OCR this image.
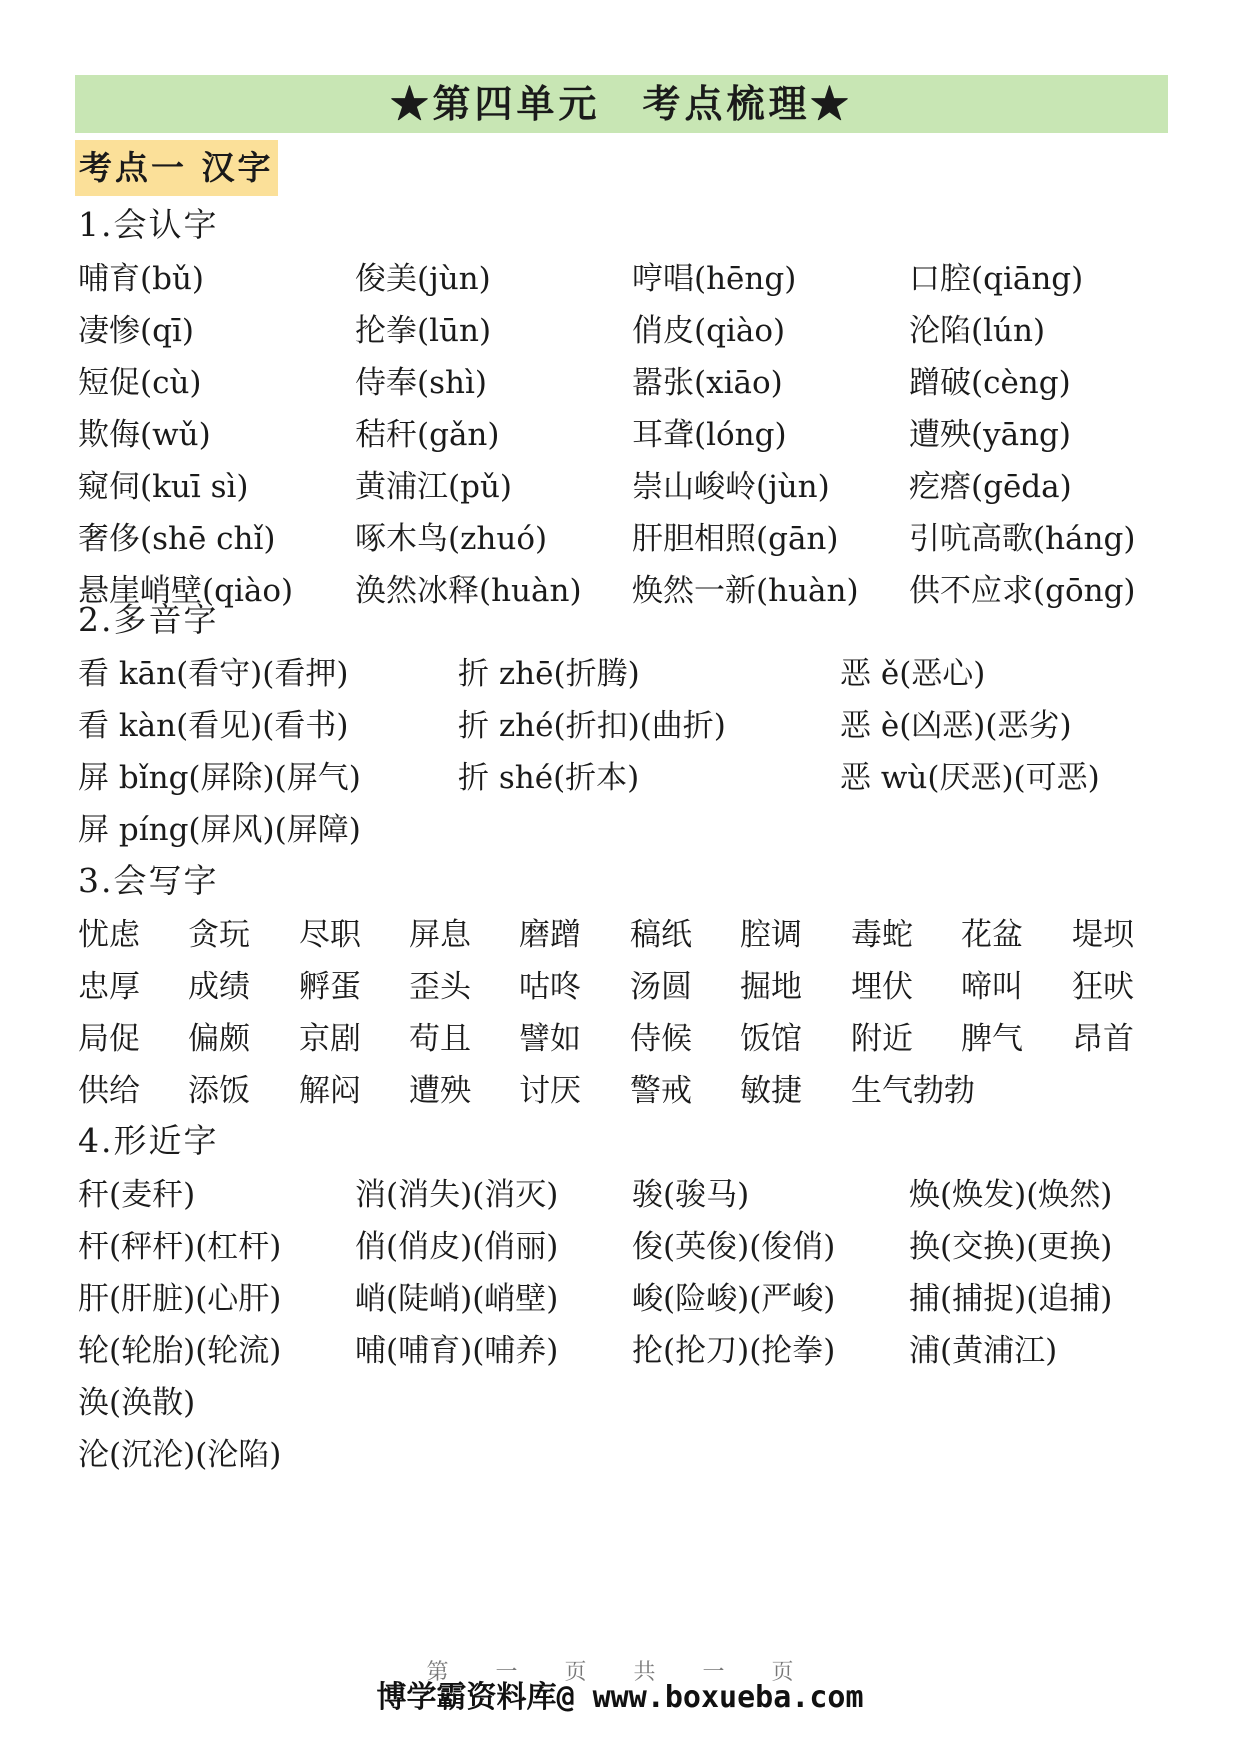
★第四单元　考点梳理★
考点一 汉字
1.会认字
哺育(bǔ)	俊美(jùn)	哼唱(hēng)	口腔(qiāng)
凄惨(qī)	抡拳(lūn)	俏皮(qiào)	沦陷(lún)
短促(cù)	侍奉(shì)	嚣张(xiāo)	蹭破(cèng)
欺侮(wǔ)	秸秆(gǎn)	耳聋(lóng)	遭殃(yāng)
窥伺(kuī sì)	黄浦江(pǔ)	崇山峻岭(jùn)	疙瘩(gēda)
奢侈(shē chǐ)	啄木鸟(zhuó)	肝胆相照(gān) 引吭高歌(háng)
悬崖峭壁(qiào) 涣然冰释(huàn) 焕然一新(huàn) 供不应求(gōng)
2.多音字
看 kān(看守)(看押)	折 zhē(折腾)	恶 ě(恶心)
看 kàn(看见)(看书)	折 zhé(折扣)(曲折)	恶 è(凶恶)(恶劣)
屏 bǐng(屏除)(屏气)	折 shé(折本)	恶 wù(厌恶)(可恶)
屏 píng(屏风)(屏障)
3.会写字
忧虑 贪玩 尽职 屏息 磨蹭 稿纸 腔调 毒蛇 花盆 堤坝
忠厚 成绩 孵蛋 歪头 咕咚 汤圆 掘地 埋伏 啼叫 狂吠
局促 偏颇 京剧 苟且 譬如 侍候 饭馆 附近 脾气 昂首
供给 添饭 解闷 遭殃 讨厌 警戒 敏捷 生气勃勃
4.形近字
秆(麦秆)	消(消失)(消灭) 骏(骏马)	焕(焕发)(焕然)
杆(秤杆)(杠杆) 俏(俏皮)(俏丽) 俊(英俊)(俊俏) 换(交换)(更换)
肝(肝脏)(心肝) 峭(陡峭)(峭壁) 峻(险峻)(严峻) 捕(捕捉)(追捕)
轮(轮胎)(轮流) 哺(哺育)(哺养) 抡(抡刀)(抡拳) 浦(黄浦江)
涣(涣散)
沦(沉沦)(沦陷)
第 一 页 共 一 页
博学霸资料库@ www.boxueba.com
